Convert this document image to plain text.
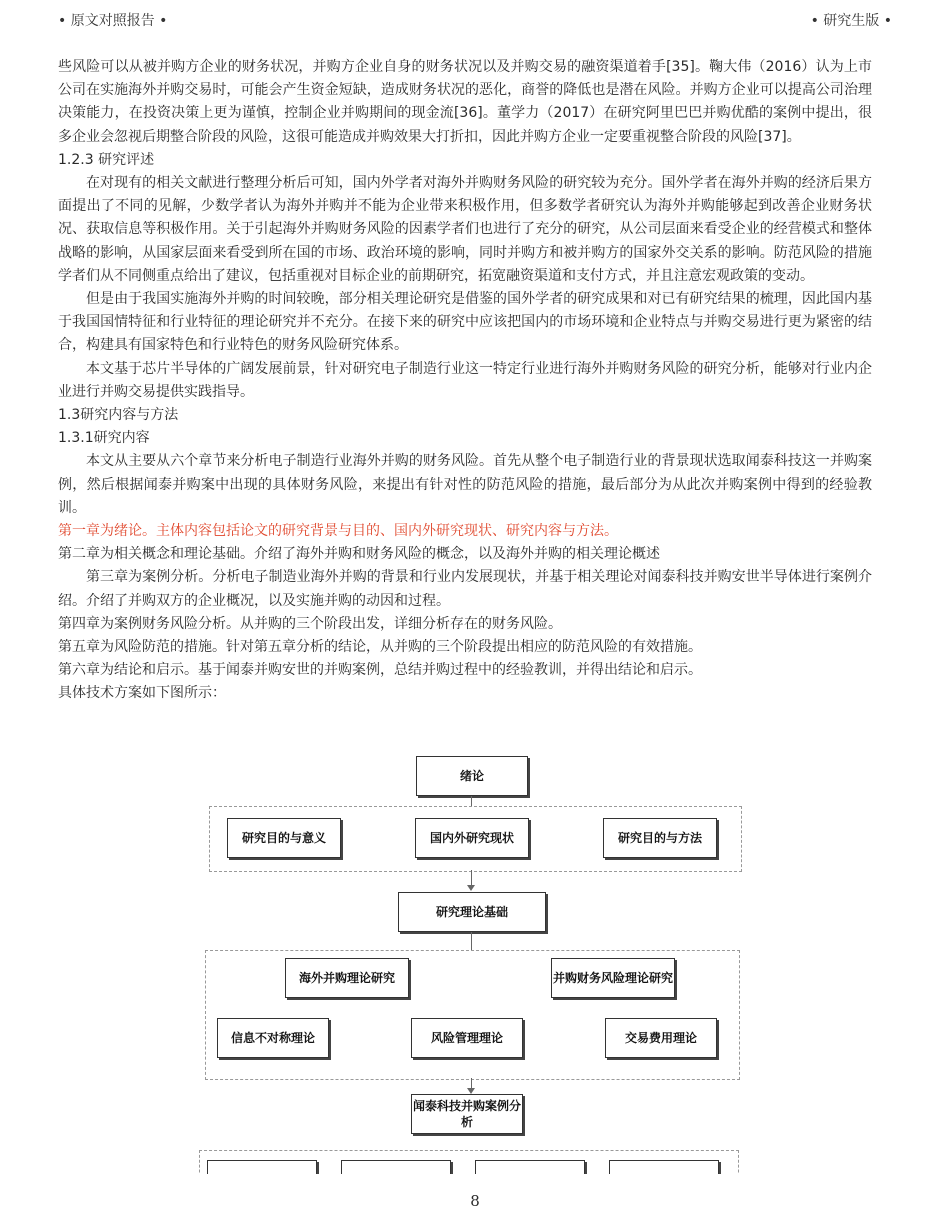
• 原文对照报告 •	• 研究生版 •

些风险可以从被并购方企业的财务状况，并购方企业自身的财务状况以及并购交易的融资渠道着手[35]。鞠大伟（2016）认为上市公司在实施海外并购交易时，可能会产生资金短缺，造成财务状况的恶化，商誉的降低也是潜在风险。并购方企业可以提高公司治理决策能力，在投资决策上更为谨慎，控制企业并购期间的现金流[36]。董学力（2017）在研究阿里巴巴并购优酷的案例中提出，很多企业会忽视后期整合阶段的风险，这很可能造成并购效果大打折扣，因此并购方企业一定要重视整合阶段的风险[37]。

1.2.3 研究评述

在对现有的相关文献进行整理分析后可知，国内外学者对海外并购财务风险的研究较为充分。国外学者在海外并购的经济后果方面提出了不同的见解，少数学者认为海外并购并不能为企业带来积极作用，但多数学者研究认为海外并购能够起到改善企业财务状况、获取信息等积极作用。关于引起海外并购财务风险的因素学者们也进行了充分的研究，从公司层面来看受企业的经营模式和整体战略的影响，从国家层面来看受到所在国的市场、政治环境的影响，同时并购方和被并购方的国家外交关系的影响。防范风险的措施学者们从不同侧重点给出了建议，包括重视对目标企业的前期研究，拓宽融资渠道和支付方式，并且注意宏观政策的变动。

但是由于我国实施海外并购的时间较晚，部分相关理论研究是借鉴的国外学者的研究成果和对已有研究结果的梳理，因此国内基于我国国情特征和行业特征的理论研究并不充分。在接下来的研究中应该把国内的市场环境和企业特点与并购交易进行更为紧密的结合，构建具有国家特色和行业特色的财务风险研究体系。

本文基于芯片半导体的广阔发展前景，针对研究电子制造行业这一特定行业进行海外并购财务风险的研究分析，能够对行业内企业进行并购交易提供实践指导。

1.3研究内容与方法

1.3.1研究内容

本文从主要从六个章节来分析电子制造行业海外并购的财务风险。首先从整个电子制造行业的背景现状选取闻泰科技这一并购案例，然后根据闻泰并购案中出现的具体财务风险，来提出有针对性的防范风险的措施，最后部分为从此次并购案例中得到的经验教训。

第一章为绪论。主体内容包括论文的研究背景与目的、国内外研究现状、研究内容与方法。

第二章为相关概念和理论基础。介绍了海外并购和财务风险的概念，以及海外并购的相关理论概述

第三章为案例分析。分析电子制造业海外并购的背景和行业内发展现状，并基于相关理论对闻泰科技并购安世半导体进行案例介绍。介绍了并购双方的企业概况，以及实施并购的动因和过程。

第四章为案例财务风险分析。从并购的三个阶段出发，详细分析存在的财务风险。

第五章为风险防范的措施。针对第五章分析的结论，从并购的三个阶段提出相应的防范风险的有效措施。

第六章为结论和启示。基于闻泰并购安世的并购案例，总结并购过程中的经验教训，并得出结论和启示。

具体技术方案如下图所示：

绪论
研究目的与意义	国内外研究现状	研究目的与方法
研究理论基础
海外并购理论研究	并购财务风险理论研究
信息不对称理论	风险管理理论	交易费用理论
闻泰科技并购案例分析
8
